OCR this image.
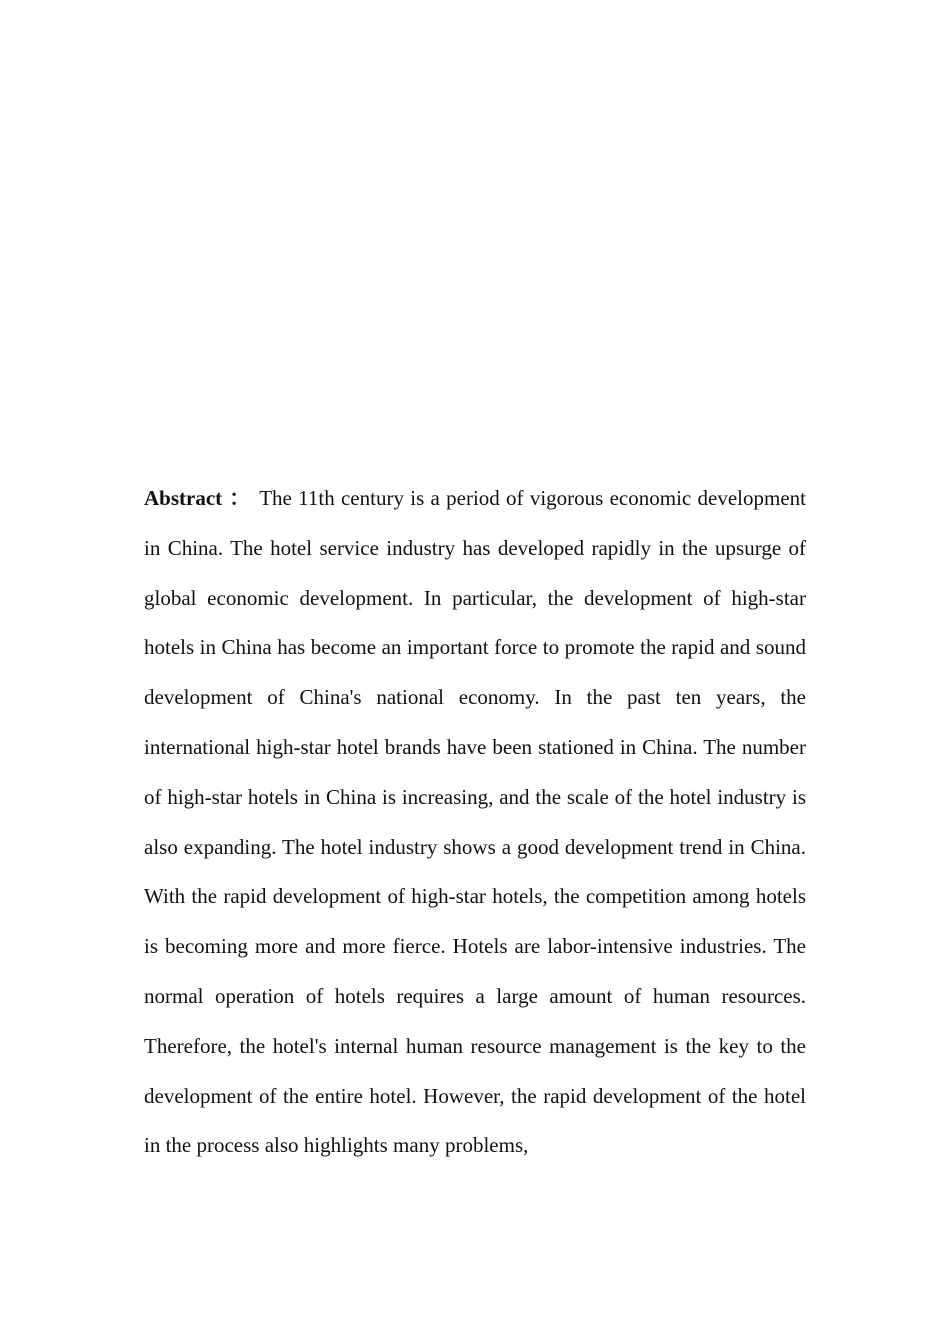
Abstract ： The 11th century is a period of vigorous economic development in China. The hotel service industry has developed rapidly in the upsurge of global economic development. In particular, the development of high-star hotels in China has become an important force to promote the rapid and sound development of China's national economy. In the past ten years, the international high-star hotel brands have been stationed in China. The number of high-star hotels in China is increasing, and the scale of the hotel industry is also expanding. The hotel industry shows a good development trend in China. With the rapid development of high-star hotels, the competition among hotels is becoming more and more fierce. Hotels are labor-intensive industries. The normal operation of hotels requires a large amount of human resources. Therefore, the hotel's internal human resource management is the key to the development of the entire hotel. However, the rapid development of the hotel in the process also highlights many problems,
